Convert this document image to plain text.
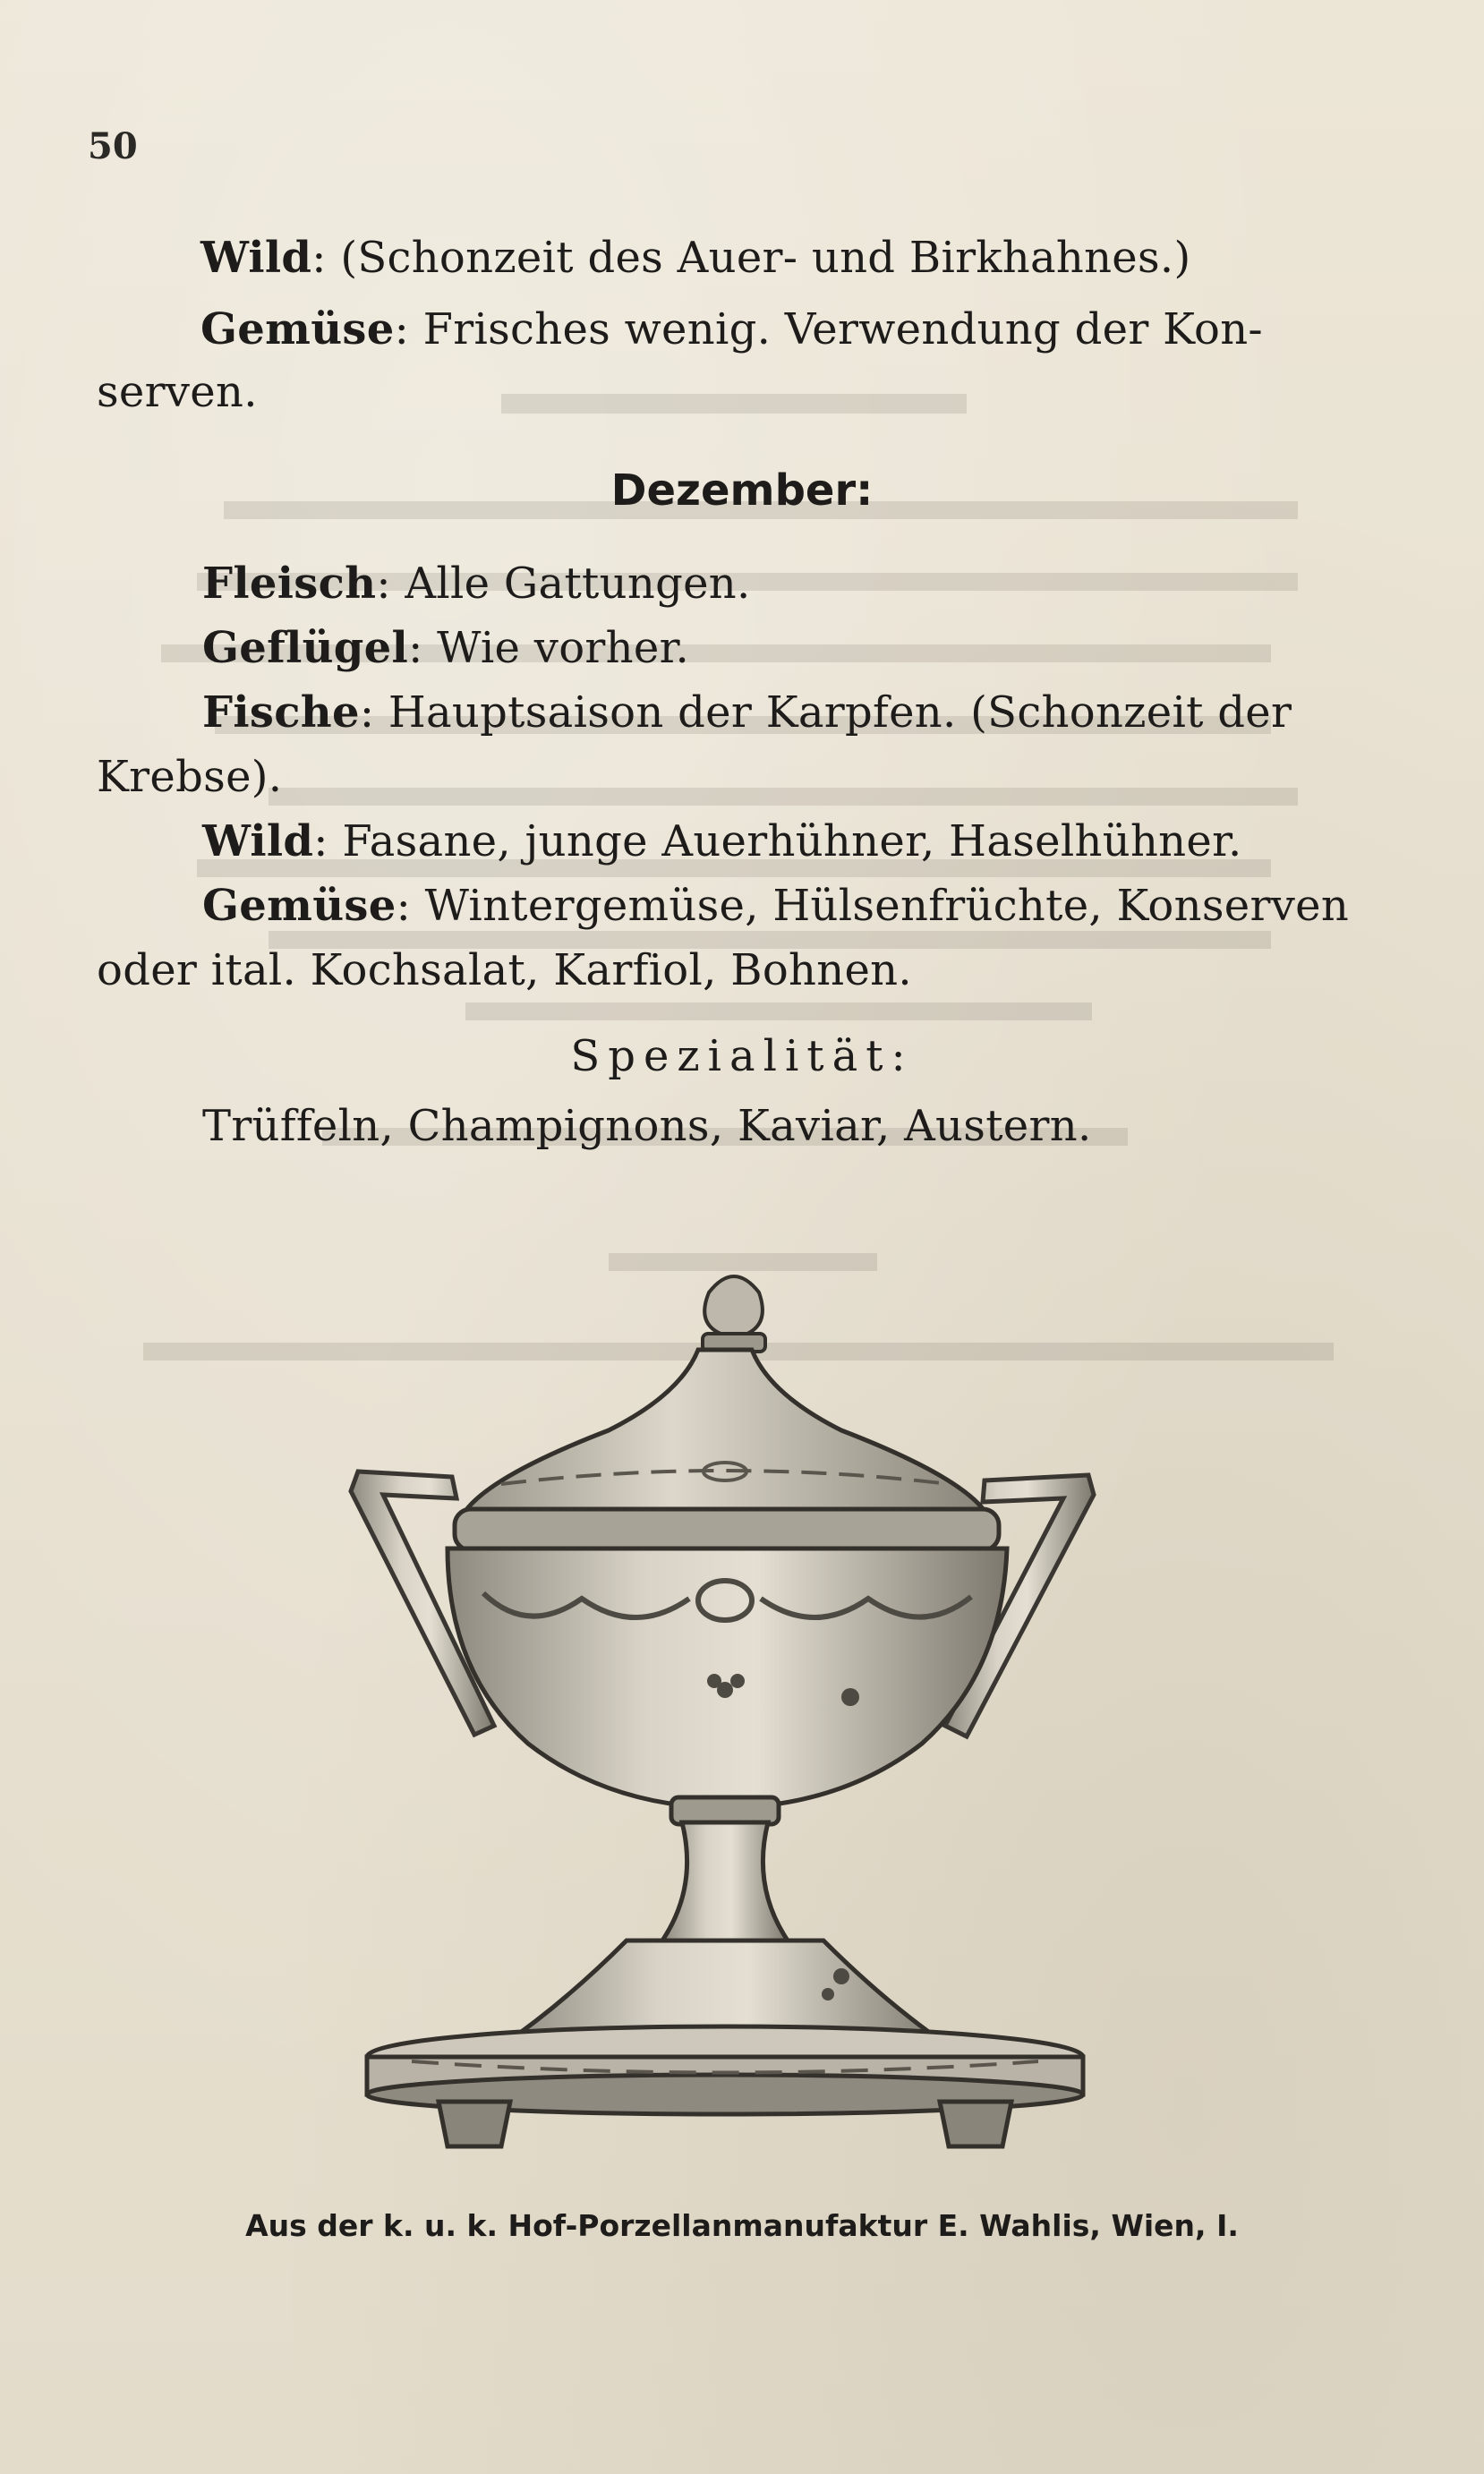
50
Wild: (Schonzeit des Auer- und Birkhahnes.)
Gemüse: Frisches wenig. Verwendung der Kon-
serven.
Dezember:
Fleisch: Alle Gattungen.
Geflügel: Wie vorher.
Fische: Hauptsaison der Karpfen. (Schonzeit der
Krebse).
Wild: Fasane, junge Auerhühner, Haselhühner.
Gemüse: Wintergemüse, Hülsenfrüchte, Konserven
oder ital. Kochsalat, Karfiol, Bohnen.
Spezialität:
Trüffeln, Champignons, Kaviar, Austern.
Aus der k. u. k. Hof-Porzellanmanufaktur E. Wahlis, Wien, I.
